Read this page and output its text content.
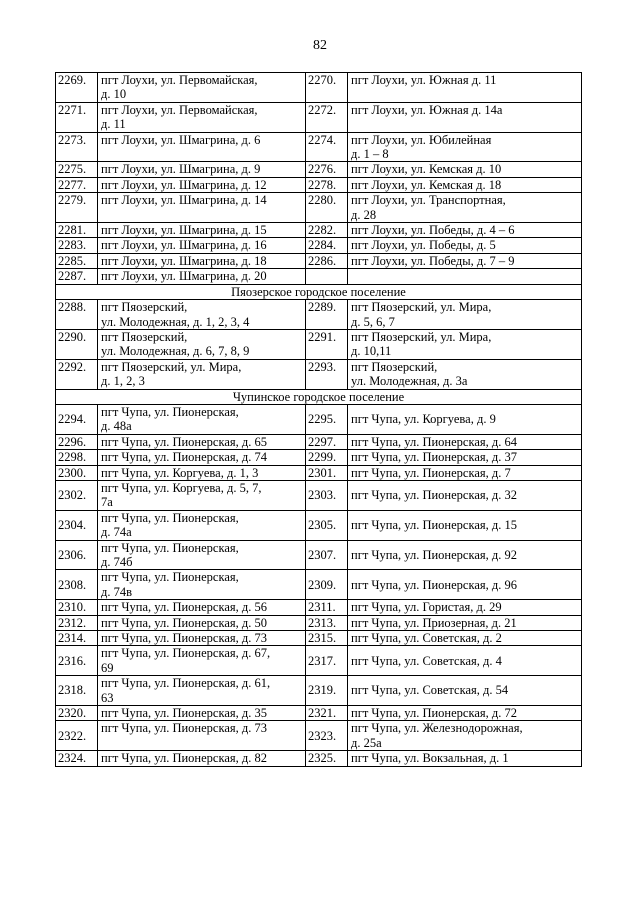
82
2269.	пгт Лоухи, ул. Первомайская,
д. 10	2270.	пгт Лоухи, ул. Южная д. 11

2271.	пгт Лоухи, ул. Первомайская,
д. 11	2272.	пгт Лоухи, ул. Южная д. 14а

2273.	пгт Лоухи, ул. Шмагрина, д. 6	2274.	пгт Лоухи, ул. Юбилейная
д. 1 – 8

2275.	пгт Лоухи, ул. Шмагрина, д. 9	2276.	пгт Лоухи, ул. Кемская д. 10

2277.	пгт Лоухи, ул. Шмагрина, д. 12	2278.	пгт Лоухи, ул. Кемская д. 18

2279.	пгт Лоухи, ул. Шмагрина, д. 14	2280.	пгт Лоухи, ул. Транспортная,
д. 28

2281.	пгт Лоухи, ул. Шмагрина, д. 15	2282.	пгт Лоухи, ул. Победы, д. 4 – 6

2283.	пгт Лоухи, ул. Шмагрина, д. 16	2284.	пгт Лоухи, ул. Победы, д. 5

2285.	пгт Лоухи, ул. Шмагрина, д. 18	2286.	пгт Лоухи, ул. Победы, д. 7 – 9

2287.	пгт Лоухи, ул. Шмагрина, д. 20		

Пяозерское городское поселение			

2288.	пгт Пяозерский,
ул. Молодежная, д. 1, 2, 3, 4	2289.	пгт Пяозерский, ул. Мира,
д. 5, 6, 7

2290.	пгт Пяозерский,
ул. Молодежная, д. 6, 7, 8, 9	2291.	пгт Пяозерский, ул. Мира,
д. 10,11

2292.	пгт Пяозерский, ул. Мира,
д. 1, 2, 3	2293.	пгт Пяозерский,
ул. Молодежная, д. 3а

Чупинское городское поселение			

2294.	пгт Чупа, ул. Пионерская,
д. 48а	2295.	пгт Чупа, ул. Коргуева, д. 9

2296.	пгт Чупа, ул. Пионерская, д. 65	2297.	пгт Чупа, ул. Пионерская, д. 64

2298.	пгт Чупа, ул. Пионерская, д. 74	2299.	пгт Чупа, ул. Пионерская, д. 37

2300.	пгт Чупа, ул. Коргуева, д. 1, 3	2301.	пгт Чупа, ул. Пионерская, д. 7

2302.	пгт Чупа, ул. Коргуева, д. 5, 7,
7а	2303.	пгт Чупа, ул. Пионерская, д. 32

2304.	пгт Чупа, ул. Пионерская,
д. 74а	2305.	пгт Чупа, ул. Пионерская, д. 15

2306.	пгт Чупа, ул. Пионерская,
д. 74б	2307.	пгт Чупа, ул. Пионерская, д. 92

2308.	пгт Чупа, ул. Пионерская,
д. 74в	2309.	пгт Чупа, ул. Пионерская, д. 96

2310.	пгт Чупа, ул. Пионерская, д. 56	2311.	пгт Чупа, ул. Гористая, д. 29

2312.	пгт Чупа, ул. Пионерская, д. 50	2313.	пгт Чупа, ул. Приозерная, д. 21

2314.	пгт Чупа, ул. Пионерская, д. 73	2315.	пгт Чупа, ул. Советская, д. 2

2316.	пгт Чупа, ул. Пионерская, д. 67,
69	2317.	пгт Чупа, ул. Советская, д. 4

2318.	пгт Чупа, ул. Пионерская, д. 61,
63	2319.	пгт Чупа, ул. Советская, д. 54

2320.	пгт Чупа, ул. Пионерская, д. 35	2321.	пгт Чупа, ул. Пионерская, д. 72

2322.	пгт Чупа, ул. Пионерская, д. 73	2323.	пгт Чупа, ул. Железнодорожная,
д. 25а

2324.	пгт Чупа, ул. Пионерская, д. 82	2325.	пгт Чупа, ул. Вокзальная, д. 1
